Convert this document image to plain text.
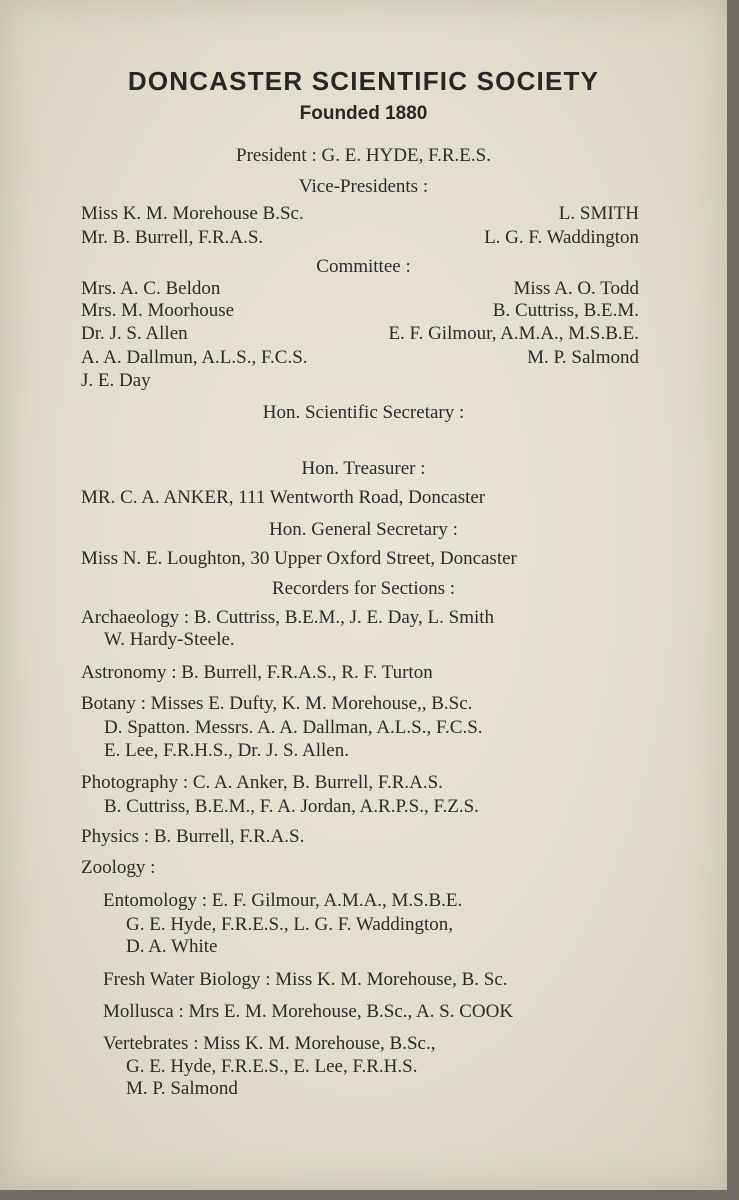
DONCASTER SCIENTIFIC SOCIETY
Founded 1880
President : G. E. HYDE, F.R.E.S.
Vice-Presidents :
Miss K. M. Morehouse B.Sc.	L. SMITH
Mr. B. Burrell, F.R.A.S.	L. G. F. Waddington
Committee :
Mrs. A. C. Beldon	Miss A. O. Todd
Mrs. M. Moorhouse	B. Cuttriss, B.E.M.
Dr. J. S. Allen	E. F. Gilmour, A.M.A., M.S.B.E.
A. A. Dallmun, A.L.S., F.C.S.	M. P. Salmond
J. E. Day
Hon. Scientific Secretary :
Hon. Treasurer :
MR. C. A. ANKER, 111 Wentworth Road, Doncaster
Hon. General Secretary :
Miss N. E. Loughton, 30 Upper Oxford Street, Doncaster
Recorders for Sections :
Archaeology : B. Cuttriss, B.E.M., J. E. Day, L. Smith
W. Hardy-Steele.
Astronomy : B. Burrell, F.R.A.S., R. F. Turton
Botany : Misses E. Dufty, K. M. Morehouse,, B.Sc.
D. Spatton. Messrs. A. A. Dallman, A.L.S., F.C.S.
E. Lee, F.R.H.S., Dr. J. S. Allen.
Photography : C. A. Anker, B. Burrell, F.R.A.S.
B. Cuttriss, B.E.M., F. A. Jordan, A.R.P.S., F.Z.S.
Physics : B. Burrell, F.R.A.S.
Zoology :
Entomology : E. F. Gilmour, A.M.A., M.S.B.E.
G. E. Hyde, F.R.E.S., L. G. F. Waddington,
D. A. White
Fresh Water Biology : Miss K. M. Morehouse, B. Sc.
Mollusca : Mrs E. M. Morehouse, B.Sc., A. S. COOK
Vertebrates : Miss K. M. Morehouse, B.Sc.,
G. E. Hyde, F.R.E.S., E. Lee, F.R.H.S.
M. P. Salmond
